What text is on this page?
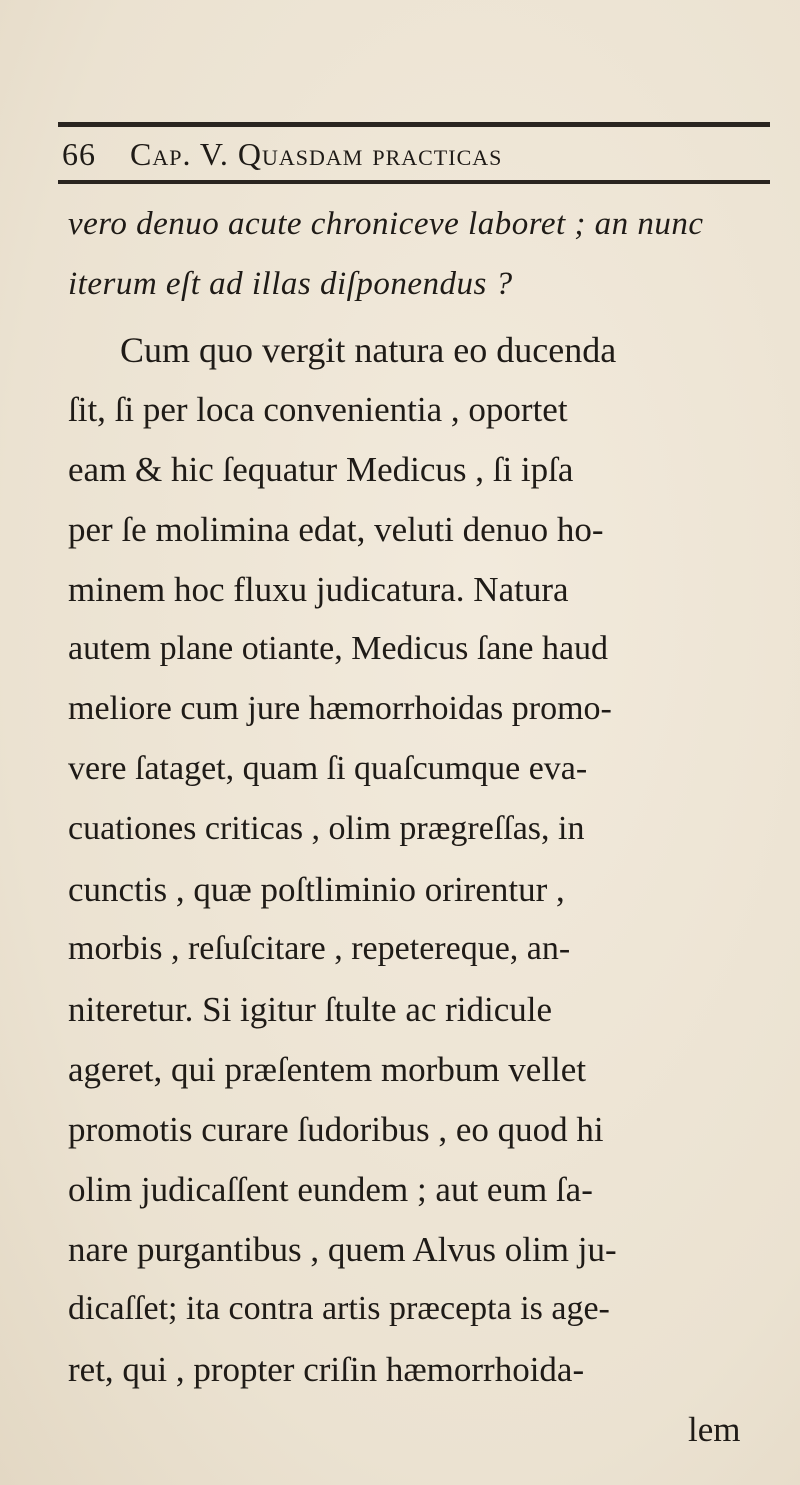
66 Cap. V. Quasdam practicas
vero denuo acute chroniceve laboret ; an nunc
iterum eſt ad illas diſponendus ?
Cum quo vergit natura eo ducenda
ſit, ſi per loca convenientia , oportet
eam & hic ſequatur Medicus , ſi ipſa
per ſe molimina edat, veluti denuo ho-
minem hoc fluxu judicatura. Natura
autem plane otiante, Medicus ſane haud
meliore cum jure hæmorrhoidas promo-
vere ſataget, quam ſi quaſcumque eva-
cuationes criticas , olim prægreſſas, in
cunctis , quæ poſtliminio orirentur ,
morbis , reſuſcitare , repetereque, an-
niteretur. Si igitur ſtulte ac ridicule
ageret, qui præſentem morbum vellet
promotis curare ſudoribus , eo quod hi
olim judicaſſent eundem ; aut eum ſa-
nare purgantibus , quem Alvus olim ju-
dicaſſet; ita contra artis præcepta is age-
ret, qui , propter criſin hæmorrhoida-
lem
